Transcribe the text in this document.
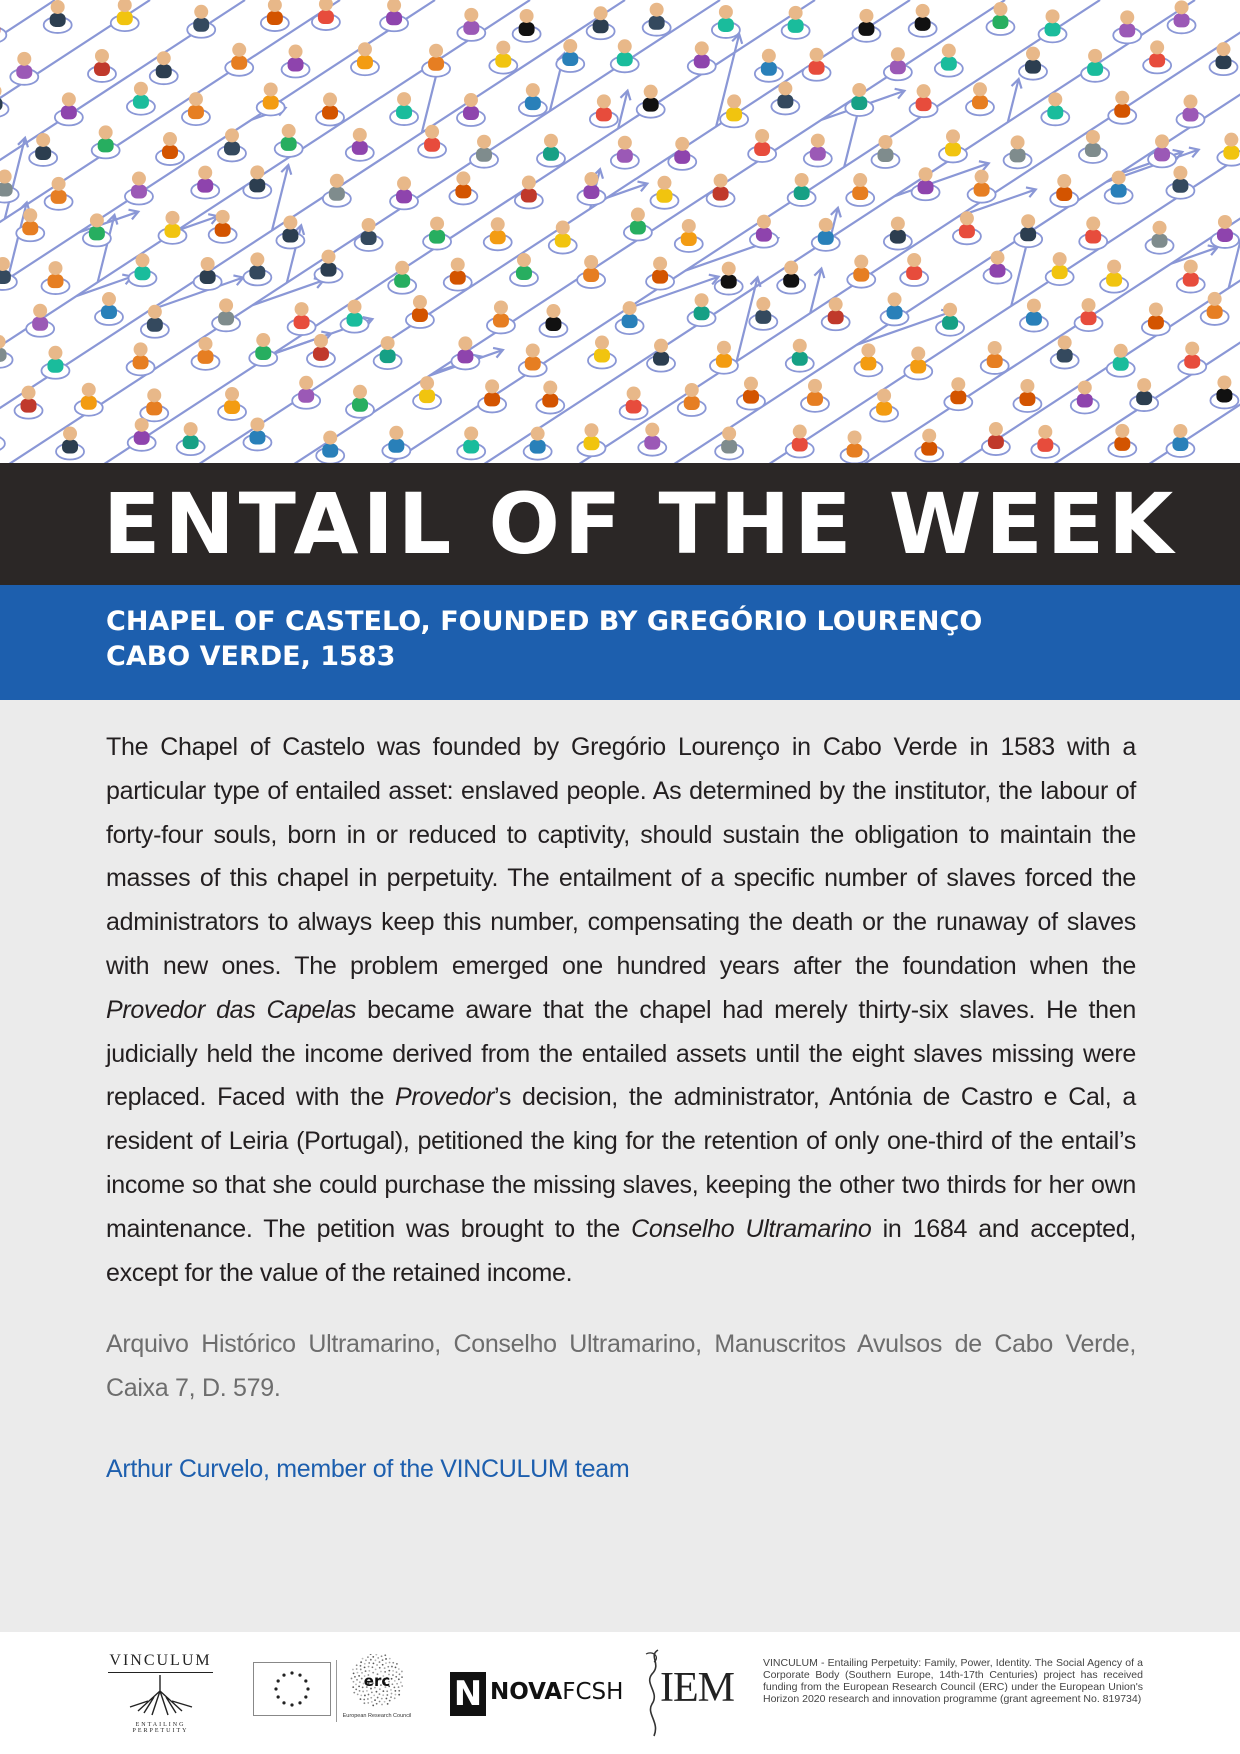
ENTAIL OF THE WEEK
CHAPEL OF CASTELO, FOUNDED BY GREGÓRIO LOURENÇO
CABO VERDE, 1583

The Chapel of Castelo was founded by Gregório Lourenço in Cabo Verde in 1583 with a particular type of entailed asset: enslaved people. As determined by the institutor, the labour of forty-four souls, born in or reduced to captivity, should sustain the obligation to maintain the masses of this chapel in perpetuity. The entailment of a specific number of slaves forced the administrators to always keep this number, compensating the death or the runaway of slaves with new ones. The problem emerged one hundred years after the foundation when the Provedor das Capelas became aware that the chapel had merely thirty-six slaves. He then judicially held the income derived from the entailed assets until the eight slaves missing were replaced. Faced with the Provedor’s decision, the administrator, Antónia de Castro e Cal, a resident of Leiria (Portugal), petitioned the king for the retention of only one-third of the entail’s income so that she could purchase the missing slaves, keeping the other two thirds for her own maintenance. The petition was brought to the Conselho Ultramarino in 1684 and accepted, except for the value of the retained income.

Arquivo Histórico Ultramarino, Conselho Ultramarino, Manuscritos Avulsos de Cabo Verde, Caixa 7, D. 579.

Arthur Curvelo, member of the VINCULUM team

VINCULUM
ENTAILING PERPETUITY
erc
European Research Council
N NOVAFCSH IEM
VINCULUM - Entailing Perpetuity: Family, Power, Identity. The Social Agency of a Corporate Body (Southern Europe, 14th-17th Centuries) project has received funding from the European Research Council (ERC) under the European Union's Horizon 2020 research and innovation programme (grant agreement No. 819734)
